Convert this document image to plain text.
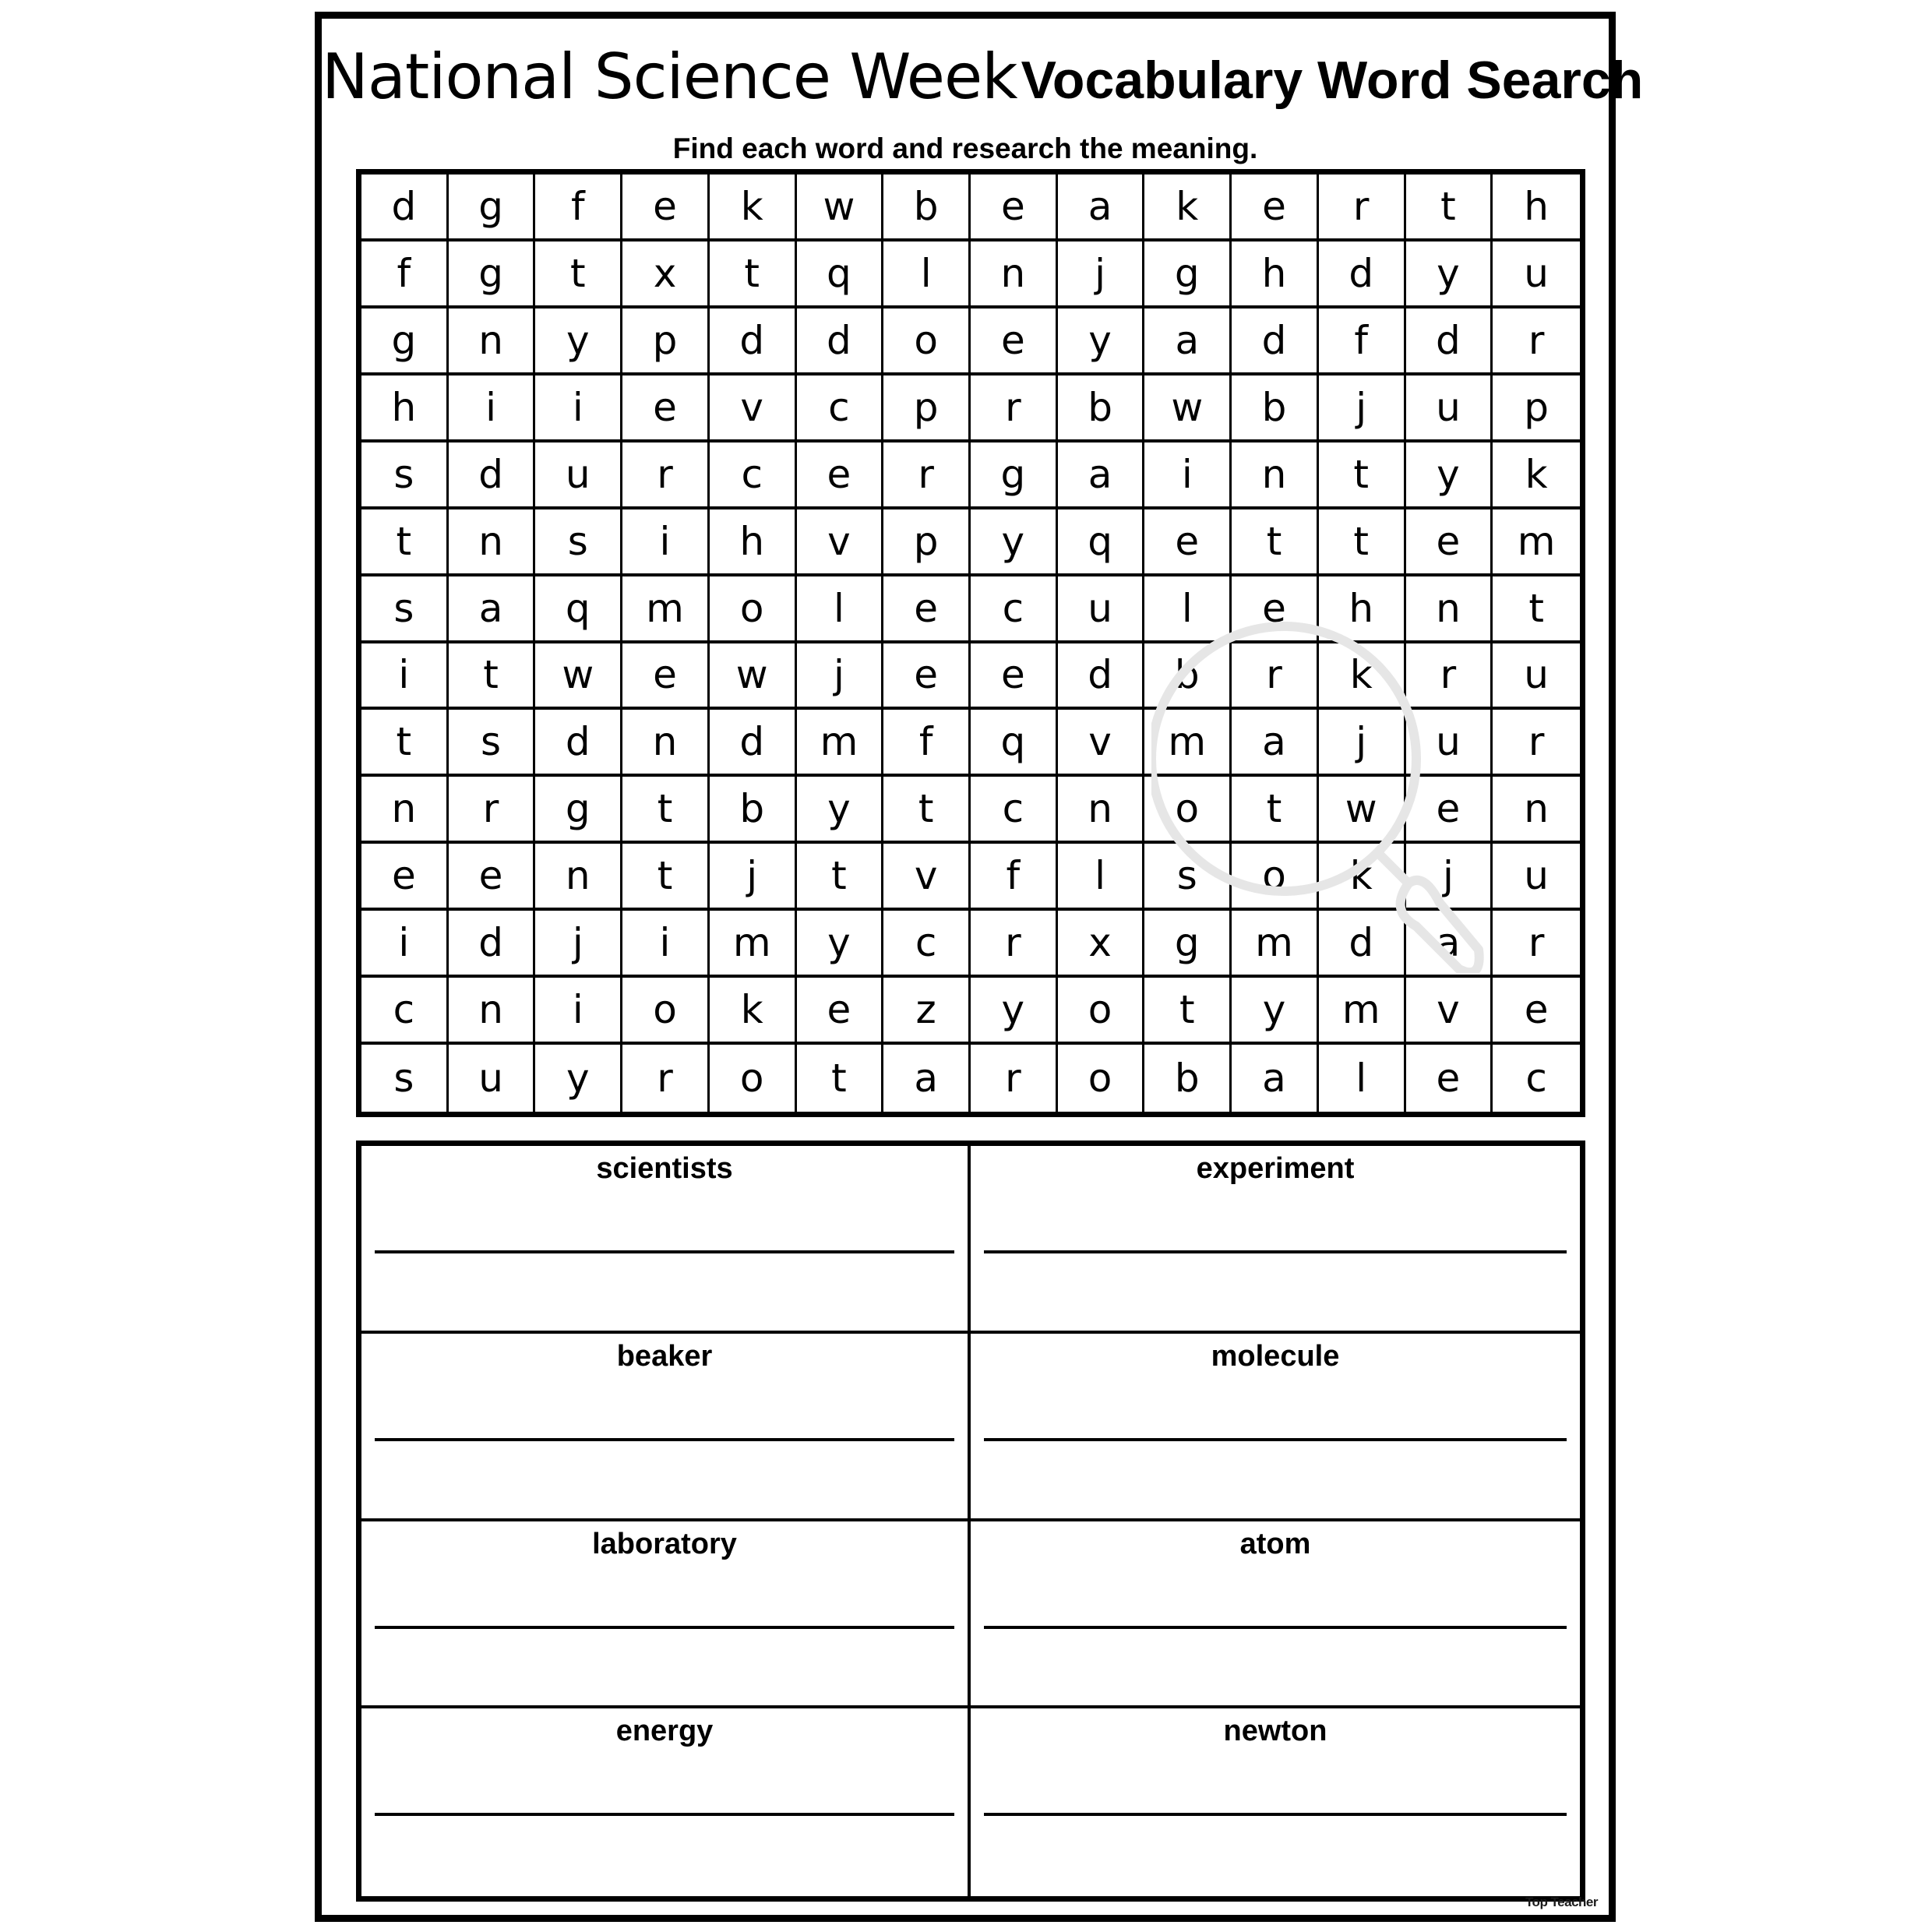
National Science Week Vocabulary Word Search
Find each word and research the meaning.
d	g	f	e	k	w	b	e	a	k	e	r	t	h
f	g	t	x	t	q	l	n	j	g	h	d	y	u
g	n	y	p	d	d	o	e	y	a	d	f	d	r
h	i	i	e	v	c	p	r	b	w	b	j	u	p
s	d	u	r	c	e	r	g	a	i	n	t	y	k
t	n	s	i	h	v	p	y	q	e	t	t	e	m
s	a	q	m	o	l	e	c	u	l	e	h	n	t
i	t	w	e	w	j	e	e	d	b	r	k	r	u
t	s	d	n	d	m	f	q	v	m	a	j	u	r
n	r	g	t	b	y	t	c	n	o	t	w	e	n
e	e	n	t	j	t	v	f	l	s	o	k	j	u
i	d	j	i	m	y	c	r	x	g	m	d	a	r
c	n	i	o	k	e	z	y	o	t	y	m	v	e
s	u	y	r	o	t	a	r	o	b	a	l	e	c
scientists	experiment
beaker	molecule
laboratory	atom
energy	newton
Top Teacher
